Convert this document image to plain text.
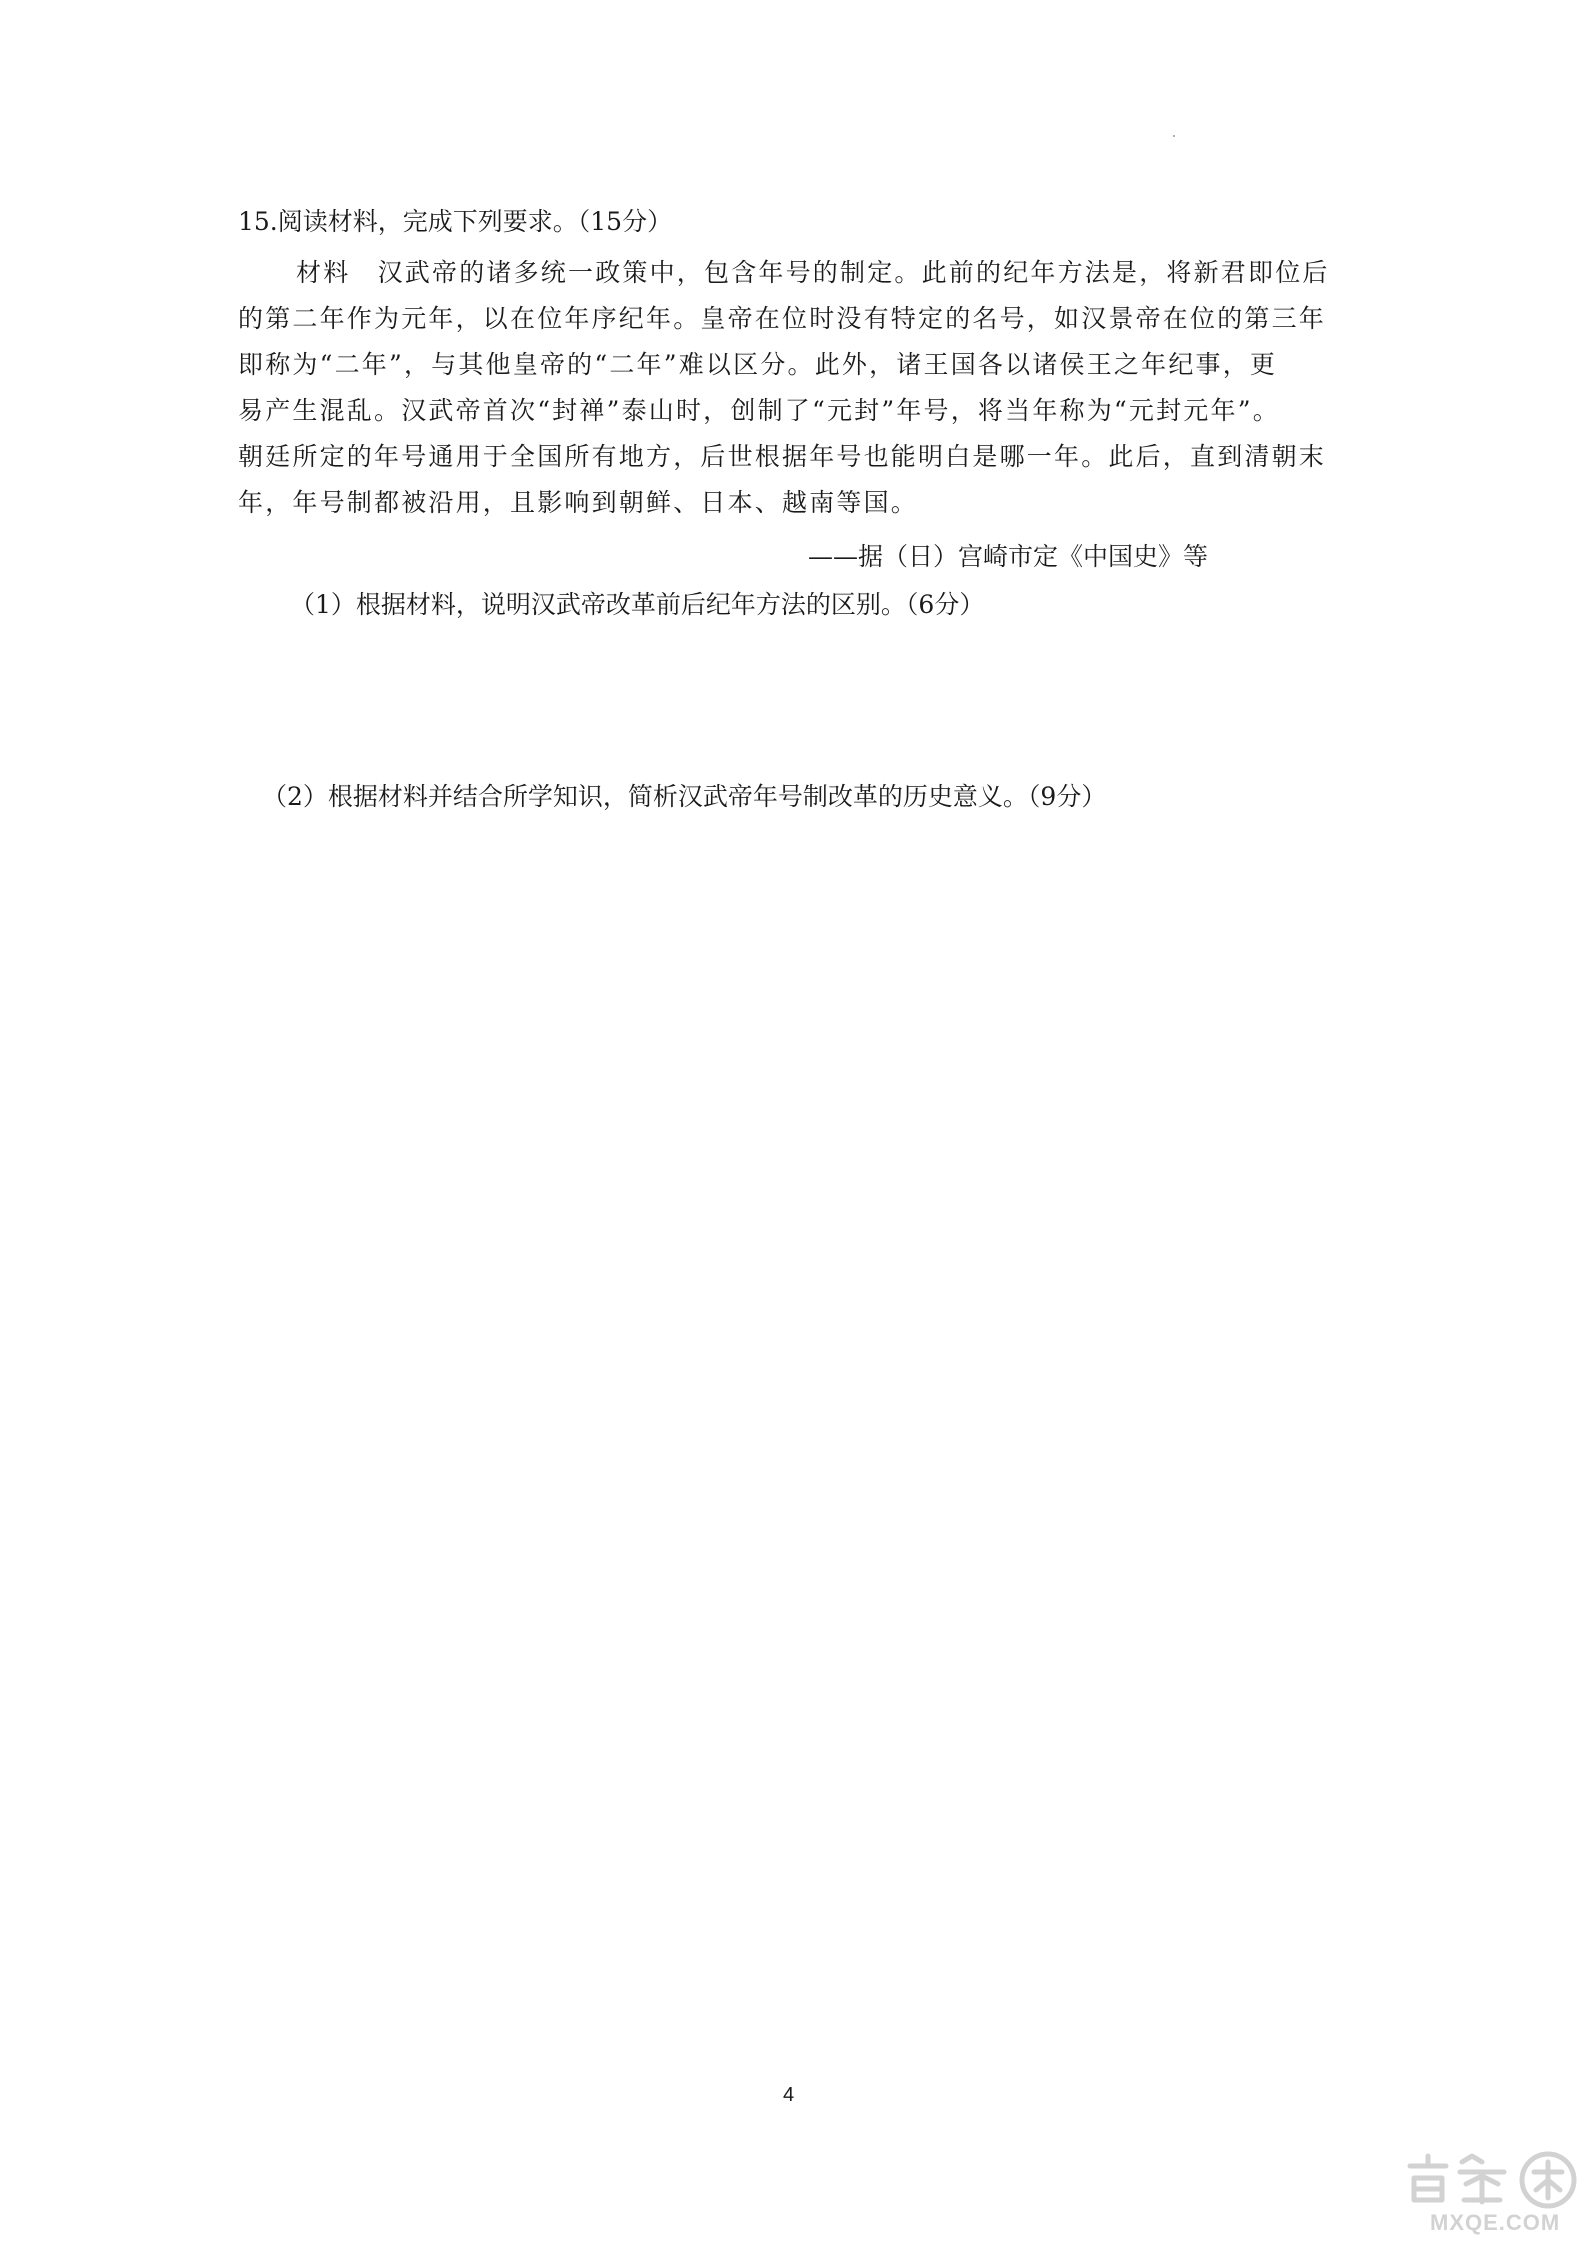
15.阅读材料，完成下列要求。（15分）
材料　汉武帝的诸多统一政策中，包含年号的制定。此前的纪年方法是，将新君即位后
的第二年作为元年，以在位年序纪年。皇帝在位时没有特定的名号，如汉景帝在位的第三年
即称为“二年”，与其他皇帝的“二年”难以区分。此外，诸王国各以诸侯王之年纪事，更
易产生混乱。汉武帝首次“封禅”泰山时，创制了“元封”年号，将当年称为“元封元年”。
朝廷所定的年号通用于全国所有地方，后世根据年号也能明白是哪一年。此后，直到清朝末
年，年号制都被沿用，且影响到朝鲜、日本、越南等国。
——据（日）宫崎市定《中国史》等
（1）根据材料，说明汉武帝改革前后纪年方法的区别。（6分）
（2）根据材料并结合所学知识，简析汉武帝年号制改革的历史意义。（9分）
4
MXQE.COM
